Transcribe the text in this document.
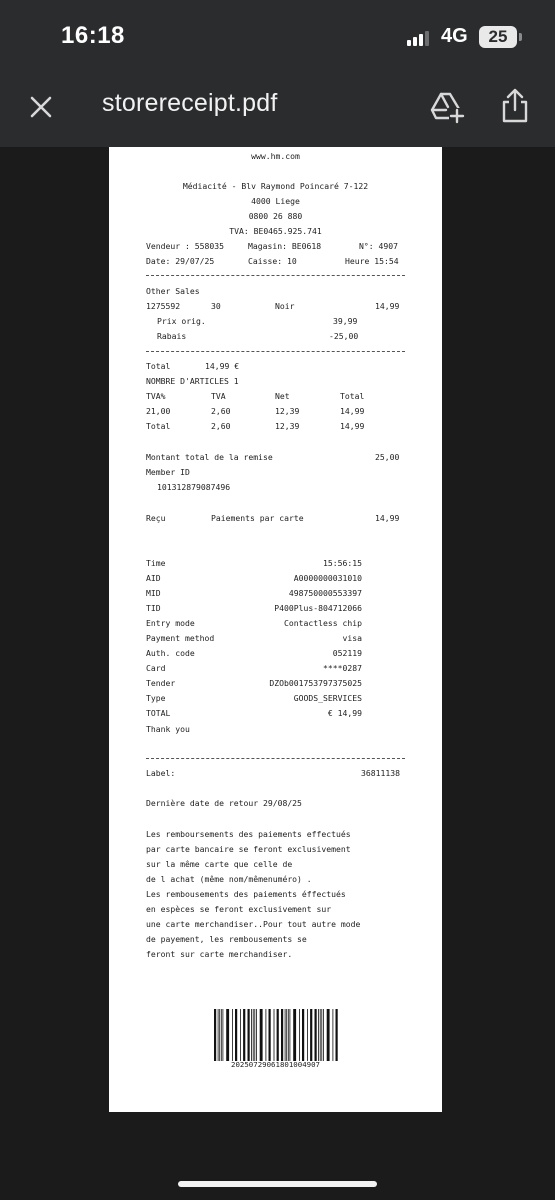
16:18	4G	25
storereceipt.pdf
www.hm.com
Médiacité - Blv Raymond Poincaré 7-122
4000 Liege
0800 26 880
TVA: BE0465.925.741
Vendeur : 558035	Magasin: BE0618	N°: 4907
Date: 29/07/25	Caisse: 10	Heure 15:54
Other Sales
1275592	30	Noir	14,99
Prix orig.	39,99
Rabais	-25,00
Total	14,99 €
NOMBRE D'ARTICLES 1
TVA%	TVA	Net	Total
21,00	2,60	12,39	14,99
Total	2,60	12,39	14,99
Montant total de la remise	25,00
Member ID
101312879087496
Reçu	Paiements par carte	14,99
Time	15:56:15
AID	A0000000031010
MID	498750000553397
TID	P400Plus-804712066
Entry mode	Contactless chip
Payment method	visa
Auth. code	052119
Card	****0287
Tender	DZOb001753797375025
Type	GOODS_SERVICES
TOTAL	€ 14,99
Thank you
Label:	36811138
Dernière date de retour 29/08/25
Les remboursements des paiements effectués
par carte bancaire se feront exclusivement
sur la même carte que celle de
de l achat (même nom/mêmenuméro) .
Les rembousements des paiements éffectués
en espèces se feront exclusivement sur
une carte merchandiser..Pour tout autre mode
de payement, les rembousements se
feront sur carte merchandiser.
20250729061801004907
